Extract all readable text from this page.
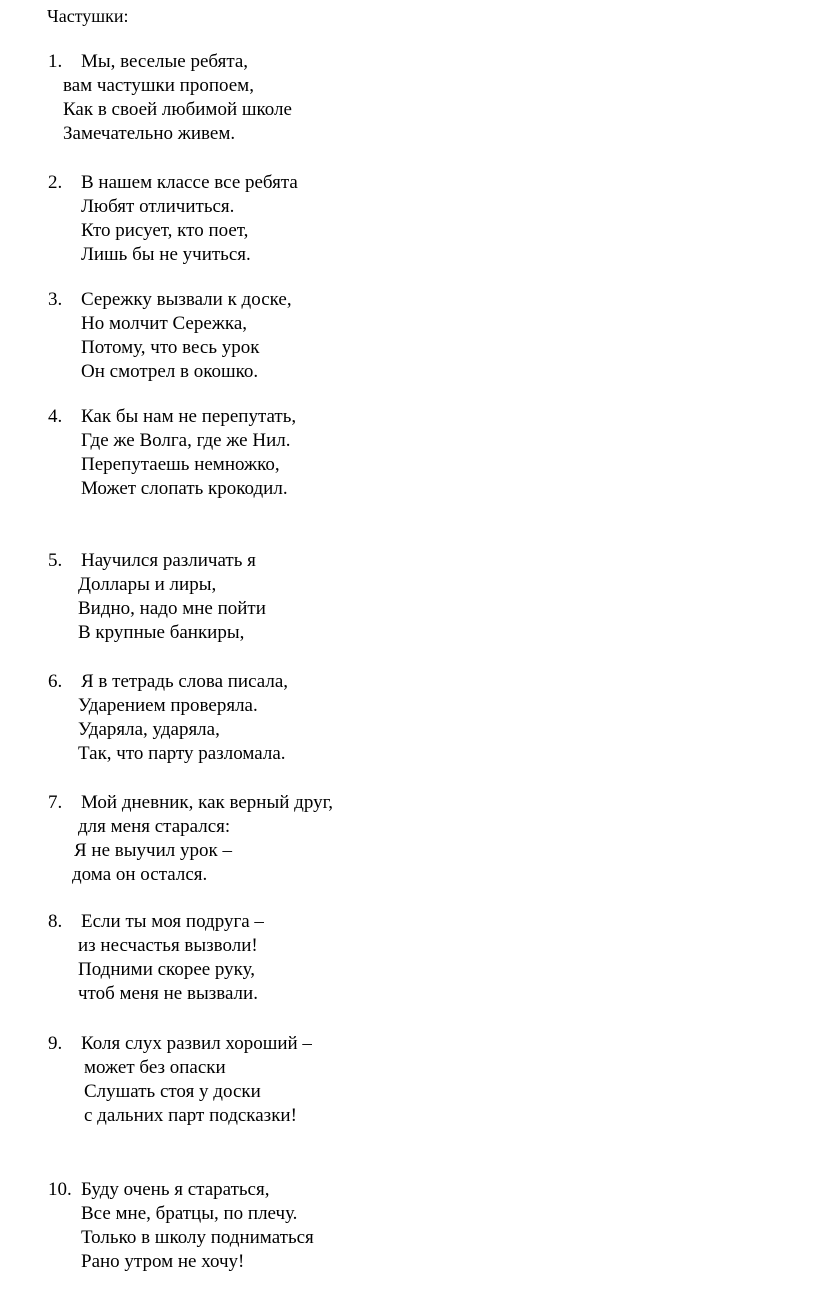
Частушки:
1. Мы, веселые ребята,
вам частушки пропоем,
Как в своей любимой школе
Замечательно живем.
2. В нашем классе все ребята
Любят отличиться.
Кто рисует, кто поет,
Лишь бы не учиться.
3. Сережку вызвали к доске,
Но молчит Сережка,
Потому, что весь урок
Он смотрел в окошко.
4. Как бы нам не перепутать,
Где же Волга, где же Нил.
Перепутаешь немножко,
Может слопать крокодил.
5. Научился различать я
Доллары и лиры,
Видно, надо мне пойти
В крупные банкиры,
6. Я в тетрадь слова писала,
Ударением проверяла.
Ударяла, ударяла,
Так, что парту разломала.
7. Мой дневник, как верный друг,
для меня старался:
Я не выучил урок –
дома он остался.
8. Если ты моя подруга –
из несчастья вызволи!
Подними скорее руку,
чтоб меня не вызвали.
9. Коля слух развил хороший –
может без опаски
Слушать стоя у доски
с дальних парт подсказки!
10. Буду очень я стараться,
Все мне, братцы, по плечу.
Только в школу подниматься
Рано утром не хочу!
